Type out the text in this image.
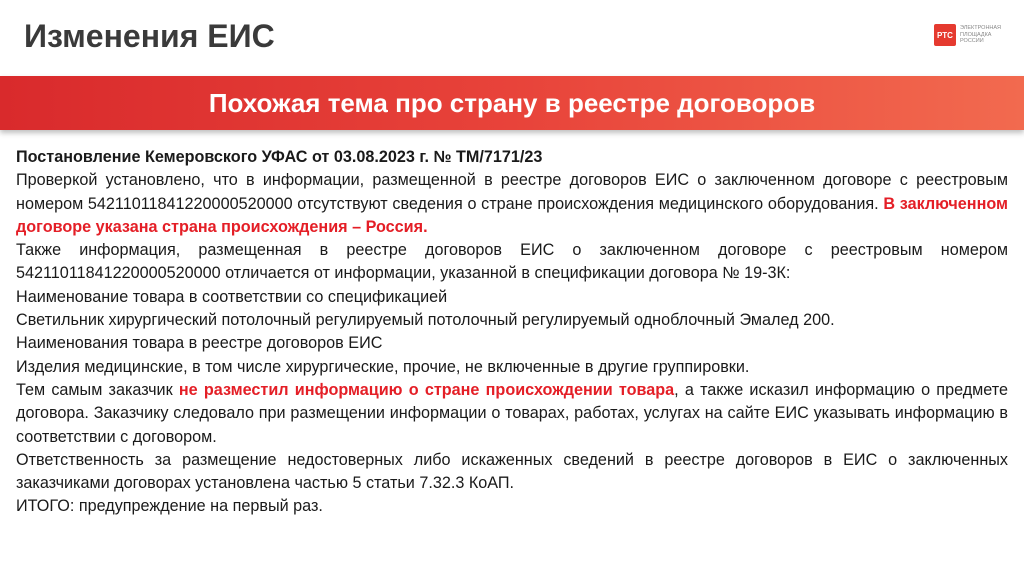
Изменения ЕИС	РТС
ЭЛЕКТРОННАЯ ПЛОЩАДКА РОССИИ
Похожая тема про страну в реестре договоров

Постановление Кемеровского УФАС от 03.08.2023 г. № ТМ/7171/23

Проверкой установлено, что в информации, размещенной в реестре договоров ЕИС о заключенном договоре с реестровым номером 54211011841220000520000 отсутствуют сведения о стране происхождения медицинского оборудования. В заключенном договоре указана страна происхождения – Россия.

Также информация, размещенная в реестре договоров ЕИС о заключенном договоре с реестровым номером 54211011841220000520000 отличается от информации, указанной в спецификации договора № 19-3К:

Наименование товара в соответствии со спецификацией

Светильник хирургический потолочный регулируемый потолочный регулируемый одноблочный Эмалед 200.

Наименования товара в реестре договоров ЕИС

Изделия медицинские, в том числе хирургические, прочие, не включенные в другие группировки.

Тем самым заказчик не разместил информацию о стране происхождении товара, а также исказил информацию о предмете договора. Заказчику следовало при размещении информации о товарах, работах, услугах на сайте ЕИС указывать информацию в соответствии с договором.

Ответственность за размещение недостоверных либо искаженных сведений в реестре договоров в ЕИС о заключенных заказчиками договорах установлена частью 5 статьи 7.32.3 КоАП.

ИТОГО: предупреждение на первый раз.
